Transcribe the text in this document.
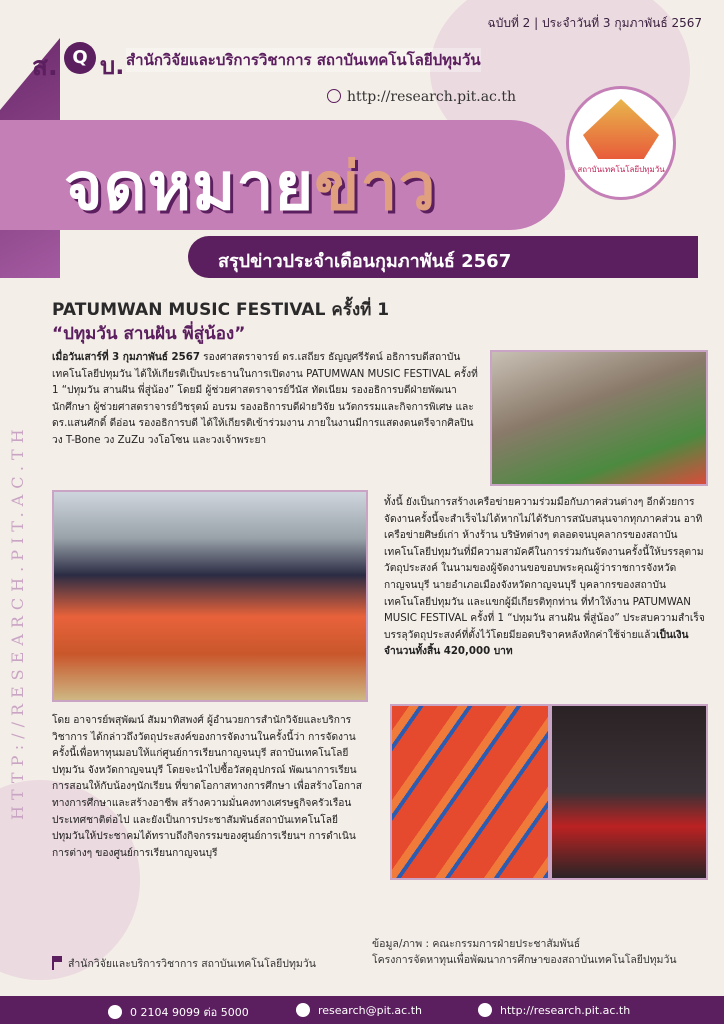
ฉบับที่ 2 | ประจำวันที่ 3 กุมภาพันธ์ 2567
ส. Q บ. สำนักวิจัยและบริการวิชาการ สถาบันเทคโนโลยีปทุมวัน
http://research.pit.ac.th
จดหมายข่าว	สถาบันเทคโนโลยีปทุมวัน
สรุปข่าวประจำเดือนกุมภาพันธ์ 2567
HTTP://RESEARCH.PIT.AC.TH
PATUMWAN MUSIC FESTIVAL ครั้งที่ 1
“ปทุมวัน สานฝัน พี่สู่น้อง”
เมื่อวันเสาร์ที่ 3 กุมภาพันธ์ 2567 รองศาสตราจารย์ ดร.เสถียร ธัญญศรีรัตน์ อธิการบดีสถาบันเทคโนโลยีปทุมวัน ได้ให้เกียรติเป็นประธานในการเปิดงาน PATUMWAN MUSIC FESTIVAL ครั้งที่ 1 “ปทุมวัน สานฝัน พี่สู่น้อง” โดยมี ผู้ช่วยศาสตราจารย์วีนัส ทัดเนียม รองอธิการบดีฝ่ายพัฒนานักศึกษา ผู้ช่วยศาสตราจารย์วิชรุตม์ อบรม รองอธิการบดีฝ่ายวิจัย นวัตกรรมและกิจการพิเศษ และ ดร.แสนศักดิ์ ดีอ่อน รองอธิการบดี ได้ให้เกียรติเข้าร่วมงาน ภายในงานมีการแสดงดนตรีจากศิลปิน วง T-Bone วง ZuZu วงโอโซน และวงเจ้าพระยา
ทั้งนี้ ยังเป็นการสร้างเครือข่ายความร่วมมือกับภาคส่วนต่างๆ อีกด้วยการจัดงานครั้งนี้จะสำเร็จไม่ได้หากไม่ได้รับการสนับสนุนจากทุกภาคส่วน อาทิเครือข่ายศิษย์เก่า ห้างร้าน บริษัทต่างๆ ตลอดจนบุคลากรของสถาบันเทคโนโลยีปทุมวันที่มีความสามัคคีในการร่วมกันจัดงานครั้งนี้ให้บรรลุตามวัตถุประสงค์ ในนามของผู้จัดงานขอขอบพระคุณผู้ว่าราชการจังหวัดกาญจนบุรี นายอำเภอเมืองจังหวัดกาญจนบุรี บุคลากรของสถาบันเทคโนโลยีปทุมวัน และแขกผู้มีเกียรติทุกท่าน ที่ทำให้งาน PATUMWAN MUSIC FESTIVAL ครั้งที่ 1 “ปทุมวัน สานฝัน พี่สู่น้อง” ประสบความสำเร็จบรรลุวัตถุประสงค์ที่ตั้งไว้โดยมียอดบริจาคหลังหักค่าใช้จ่ายแล้วเป็นเงินจำนวนทั้งสิ้น 420,000 บาท
โดย อาจารย์พสุพัฒน์ สัมมาทิสพงศ์ ผู้อำนวยการสำนักวิจัยและบริการวิชาการ ได้กล่าวถึงวัตถุประสงค์ของการจัดงานในครั้งนี้ว่า การจัดงานครั้งนี้เพื่อหาทุนมอบให้แก่ศูนย์การเรียนกาญจนบุรี สถาบันเทคโนโลยีปทุมวัน จังหวัดกาญจนบุรี โดยจะนำไปซื้อวัสดุอุปกรณ์ พัฒนาการเรียนการสอนให้กับน้องๆนักเรียน ที่ขาดโอกาสทางการศึกษา เพื่อสร้างโอกาสทางการศึกษาและสร้างอาชีพ สร้างความมั่นคงทางเศรษฐกิจครัวเรือน ประเทศชาติต่อไป และยังเป็นการประชาสัมพันธ์สถาบันเทคโนโลยีปทุมวันให้ประชาคมได้ทราบถึงกิจกรรมของศูนย์การเรียนฯ การดำเนินการต่างๆ ของศูนย์การเรียนกาญจนบุรี
สำนักวิจัยและบริการวิชาการ สถาบันเทคโนโลยีปทุมวัน
ข้อมูล/ภาพ : คณะกรรมการฝ่ายประชาสัมพันธ์
โครงการจัดหาทุนเพื่อพัฒนาการศึกษาของสถาบันเทคโนโลยีปทุมวัน
0 2104 9099 ต่อ 5000	research@pit.ac.th	http://research.pit.ac.th
